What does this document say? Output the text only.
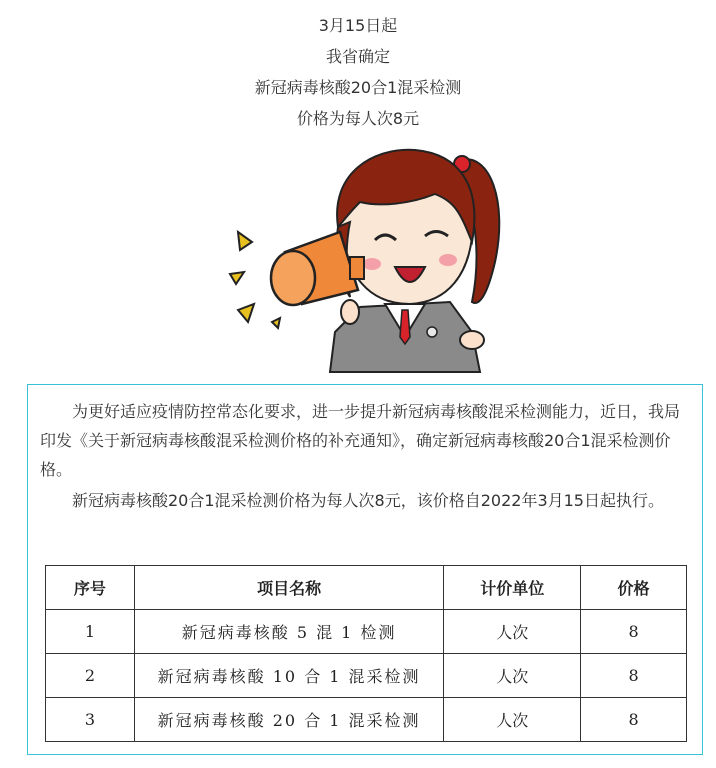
3月15日起
我省确定
新冠病毒核酸20合1混采检测
价格为每人次8元

为更好适应疫情防控常态化要求，进一步提升新冠病毒核酸混采检测能力，近日，我局印发《关于新冠病毒核酸混采检测价格的补充通知》，确定新冠病毒核酸20合1混采检测价格。

新冠病毒核酸20合1混采检测价格为每人次8元，该价格自2022年3月15日起执行。

序号	项目名称	计价单位	价格
1	新冠病毒核酸 5 混 1 检测	人次	8
2	新冠病毒核酸 10 合 1 混采检测	人次	8
3	新冠病毒核酸 20 合 1 混采检测	人次	8
